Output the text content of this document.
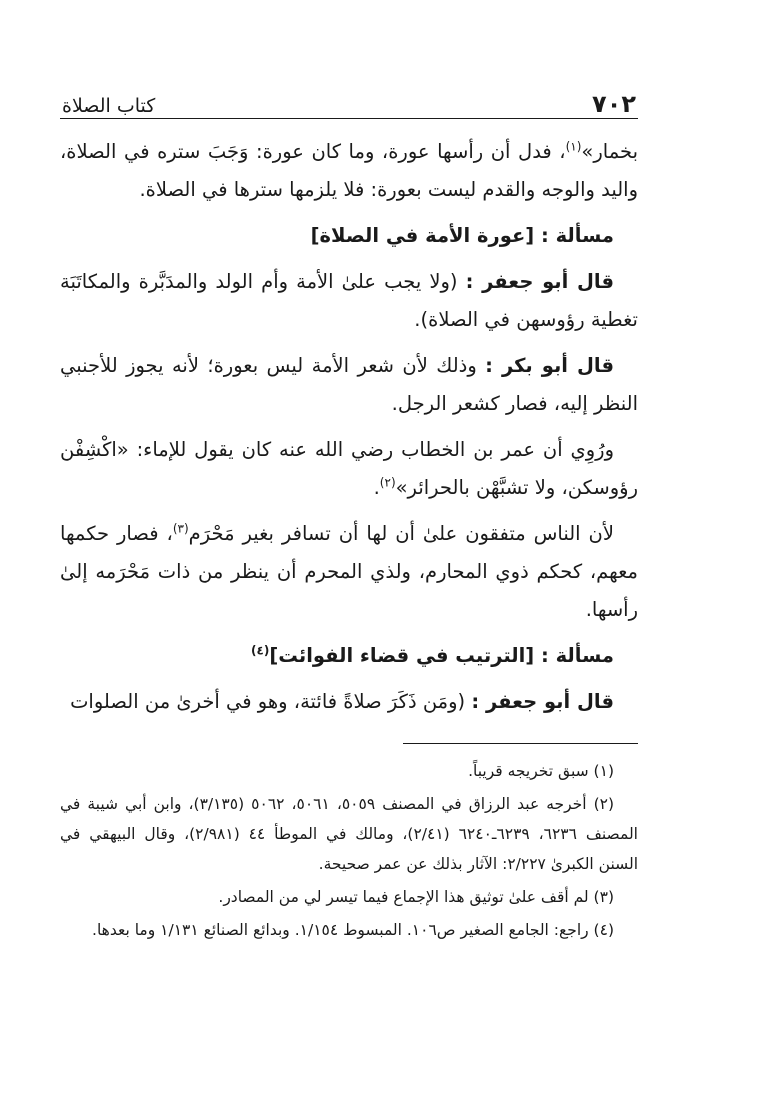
٧٠٢
كتاب الصلاة

بخمار»$^{(١)}$، فدل أن رأسها عورة، وما كان عورة: وَجَبَ ستره في الصلاة، واليد والوجه والقدم ليست بعورة: فلا يلزمها سترها في الصلاة.

مسألة : [عورة الأمة في الصلاة]

قال أبو جعفر : (ولا يجب علىٰ الأمة وأم الولد والمدَبَّرة والمكاتَبَة تغطية رؤوسهن في الصلاة).

قال أبو بكر : وذلك لأن شعر الأمة ليس بعورة؛ لأنه يجوز للأجنبي النظر إليه، فصار كشعر الرجل.

ورُوِي أن عمر بن الخطاب رضي الله عنه كان يقول للإماء: «اكْشِفْن رؤوسكن، ولا تشبَّهْن بالحرائر»$^{(٢)}$.

لأن الناس متفقون علىٰ أن لها أن تسافر بغير مَحْرَم$^{(٣)}$، فصار حكمها معهم، كحكم ذوي المحارم، ولذي المحرم أن ينظر من ذات مَحْرَمه إلىٰ رأسها.

مسألة : [الترتيب في قضاء الفوائت]$^{(٤)}$

قال أبو جعفر : (ومَن ذَكَرَ صلاةً فائتة، وهو في أخرىٰ من الصلوات

(١) سبق تخريجه قريباً.

(٢) أخرجه عبد الرزاق في المصنف ٥٠٥٩، ٥٠٦١، ٥٠٦٢ (٣/١٣٥)، وابن أبي شيبة في المصنف ٦٢٣٦، ٦٢٣٩ـ٦٢٤٠ (٢/٤١)، ومالك في الموطأ ٤٤ (٢/٩٨١)، وقال البيهقي في السنن الكبرىٰ ٢/٢٢٧: الآثار بذلك عن عمر صحيحة.

(٣) لم أقف علىٰ توثيق هذا الإجماع فيما تيسر لي من المصادر.

(٤) راجع: الجامع الصغير ص١٠٦. المبسوط ١/١٥٤. وبدائع الصنائع ١/١٣١ وما بعدها.
